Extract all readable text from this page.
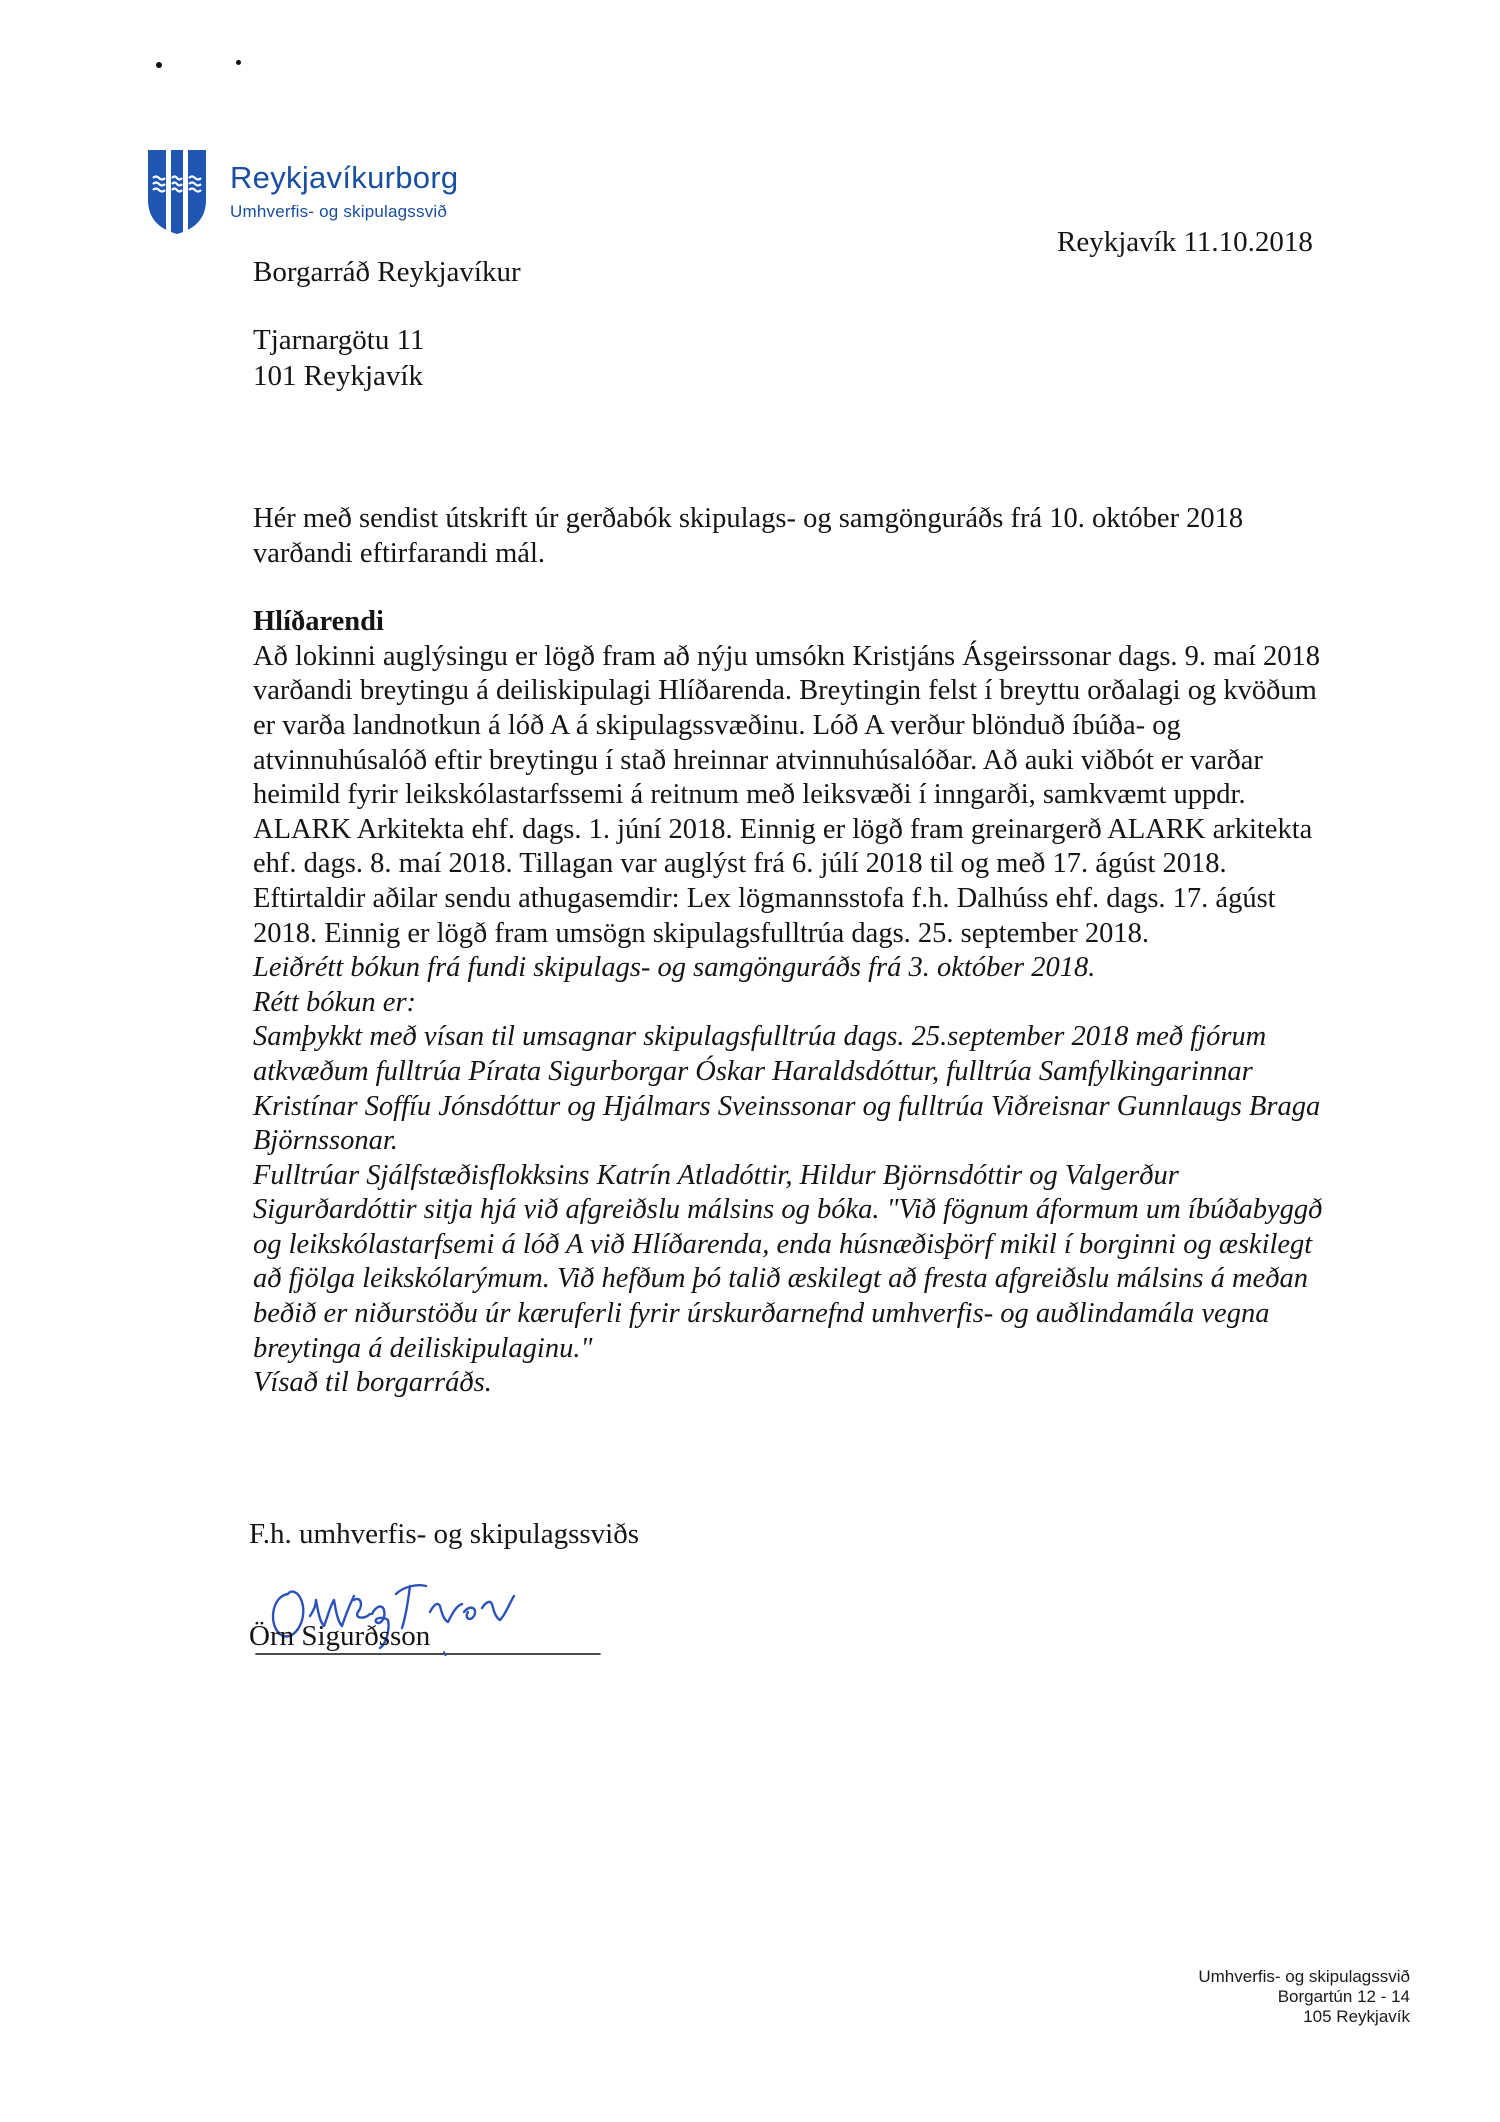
Reykjavíkurborg
Umhverfis- og skipulagssvið
Reykjavík 11.10.2018
Borgarráð Reykjavíkur
Tjarnargötu 11
101 Reykjavík

Hér með sendist útskrift úr gerðabók skipulags- og samgönguráðs frá 10. október 2018 varðandi eftirfarandi mál.

Hlíðarendi

Að lokinni auglýsingu er lögð fram að nýju umsókn Kristjáns Ásgeirssonar dags. 9. maí 2018 varðandi breytingu á deiliskipulagi Hlíðarenda. Breytingin felst í breyttu orðalagi og kvöðum er varða landnotkun á lóð A á skipulagssvæðinu. Lóð A verður blönduð íbúða- og atvinnuhúsalóð eftir breytingu í stað hreinnar atvinnuhúsalóðar. Að auki viðbót er varðar heimild fyrir leikskólastarfssemi á reitnum með leiksvæði í inngarði, samkvæmt uppdr. ALARK Arkitekta ehf. dags. 1. júní 2018. Einnig er lögð fram greinargerð ALARK arkitekta ehf. dags. 8. maí 2018. Tillagan var auglýst frá 6. júlí 2018 til og með 17. ágúst 2018. Eftirtaldir aðilar sendu athugasemdir: Lex lögmannsstofa f.h. Dalhúss ehf. dags. 17. ágúst 2018. Einnig er lögð fram umsögn skipulagsfulltrúa dags. 25. september 2018.

Leiðrétt bókun frá fundi skipulags- og samgönguráðs frá 3. október 2018.

Rétt bókun er:

Samþykkt með vísan til umsagnar skipulagsfulltrúa dags. 25.september 2018 með fjórum atkvæðum fulltrúa Pírata Sigurborgar Óskar Haraldsdóttur, fulltrúa Samfylkingarinnar Kristínar Soffíu Jónsdóttur og Hjálmars Sveinssonar og fulltrúa Viðreisnar Gunnlaugs Braga Björnssonar.

Fulltrúar Sjálfstæðisflokksins Katrín Atladóttir, Hildur Björnsdóttir og Valgerður Sigurðardóttir sitja hjá við afgreiðslu málsins og bóka. "Við fögnum áformum um íbúðabyggð og leikskólastarfsemi á lóð A við Hlíðarenda, enda húsnæðisþörf mikil í borginni og æskilegt að fjölga leikskólarýmum. Við hefðum þó talið æskilegt að fresta afgreiðslu málsins á meðan beðið er niðurstöðu úr kæruferli fyrir úrskurðarnefnd umhverfis- og auðlindamála vegna breytinga á deiliskipulaginu."

Vísað til borgarráðs.

F.h. umhverfis- og skipulagssviðs
Örn Sigurðsson
Umhverfis- og skipulagssvið
Borgartún 12 - 14
105 Reykjavík
